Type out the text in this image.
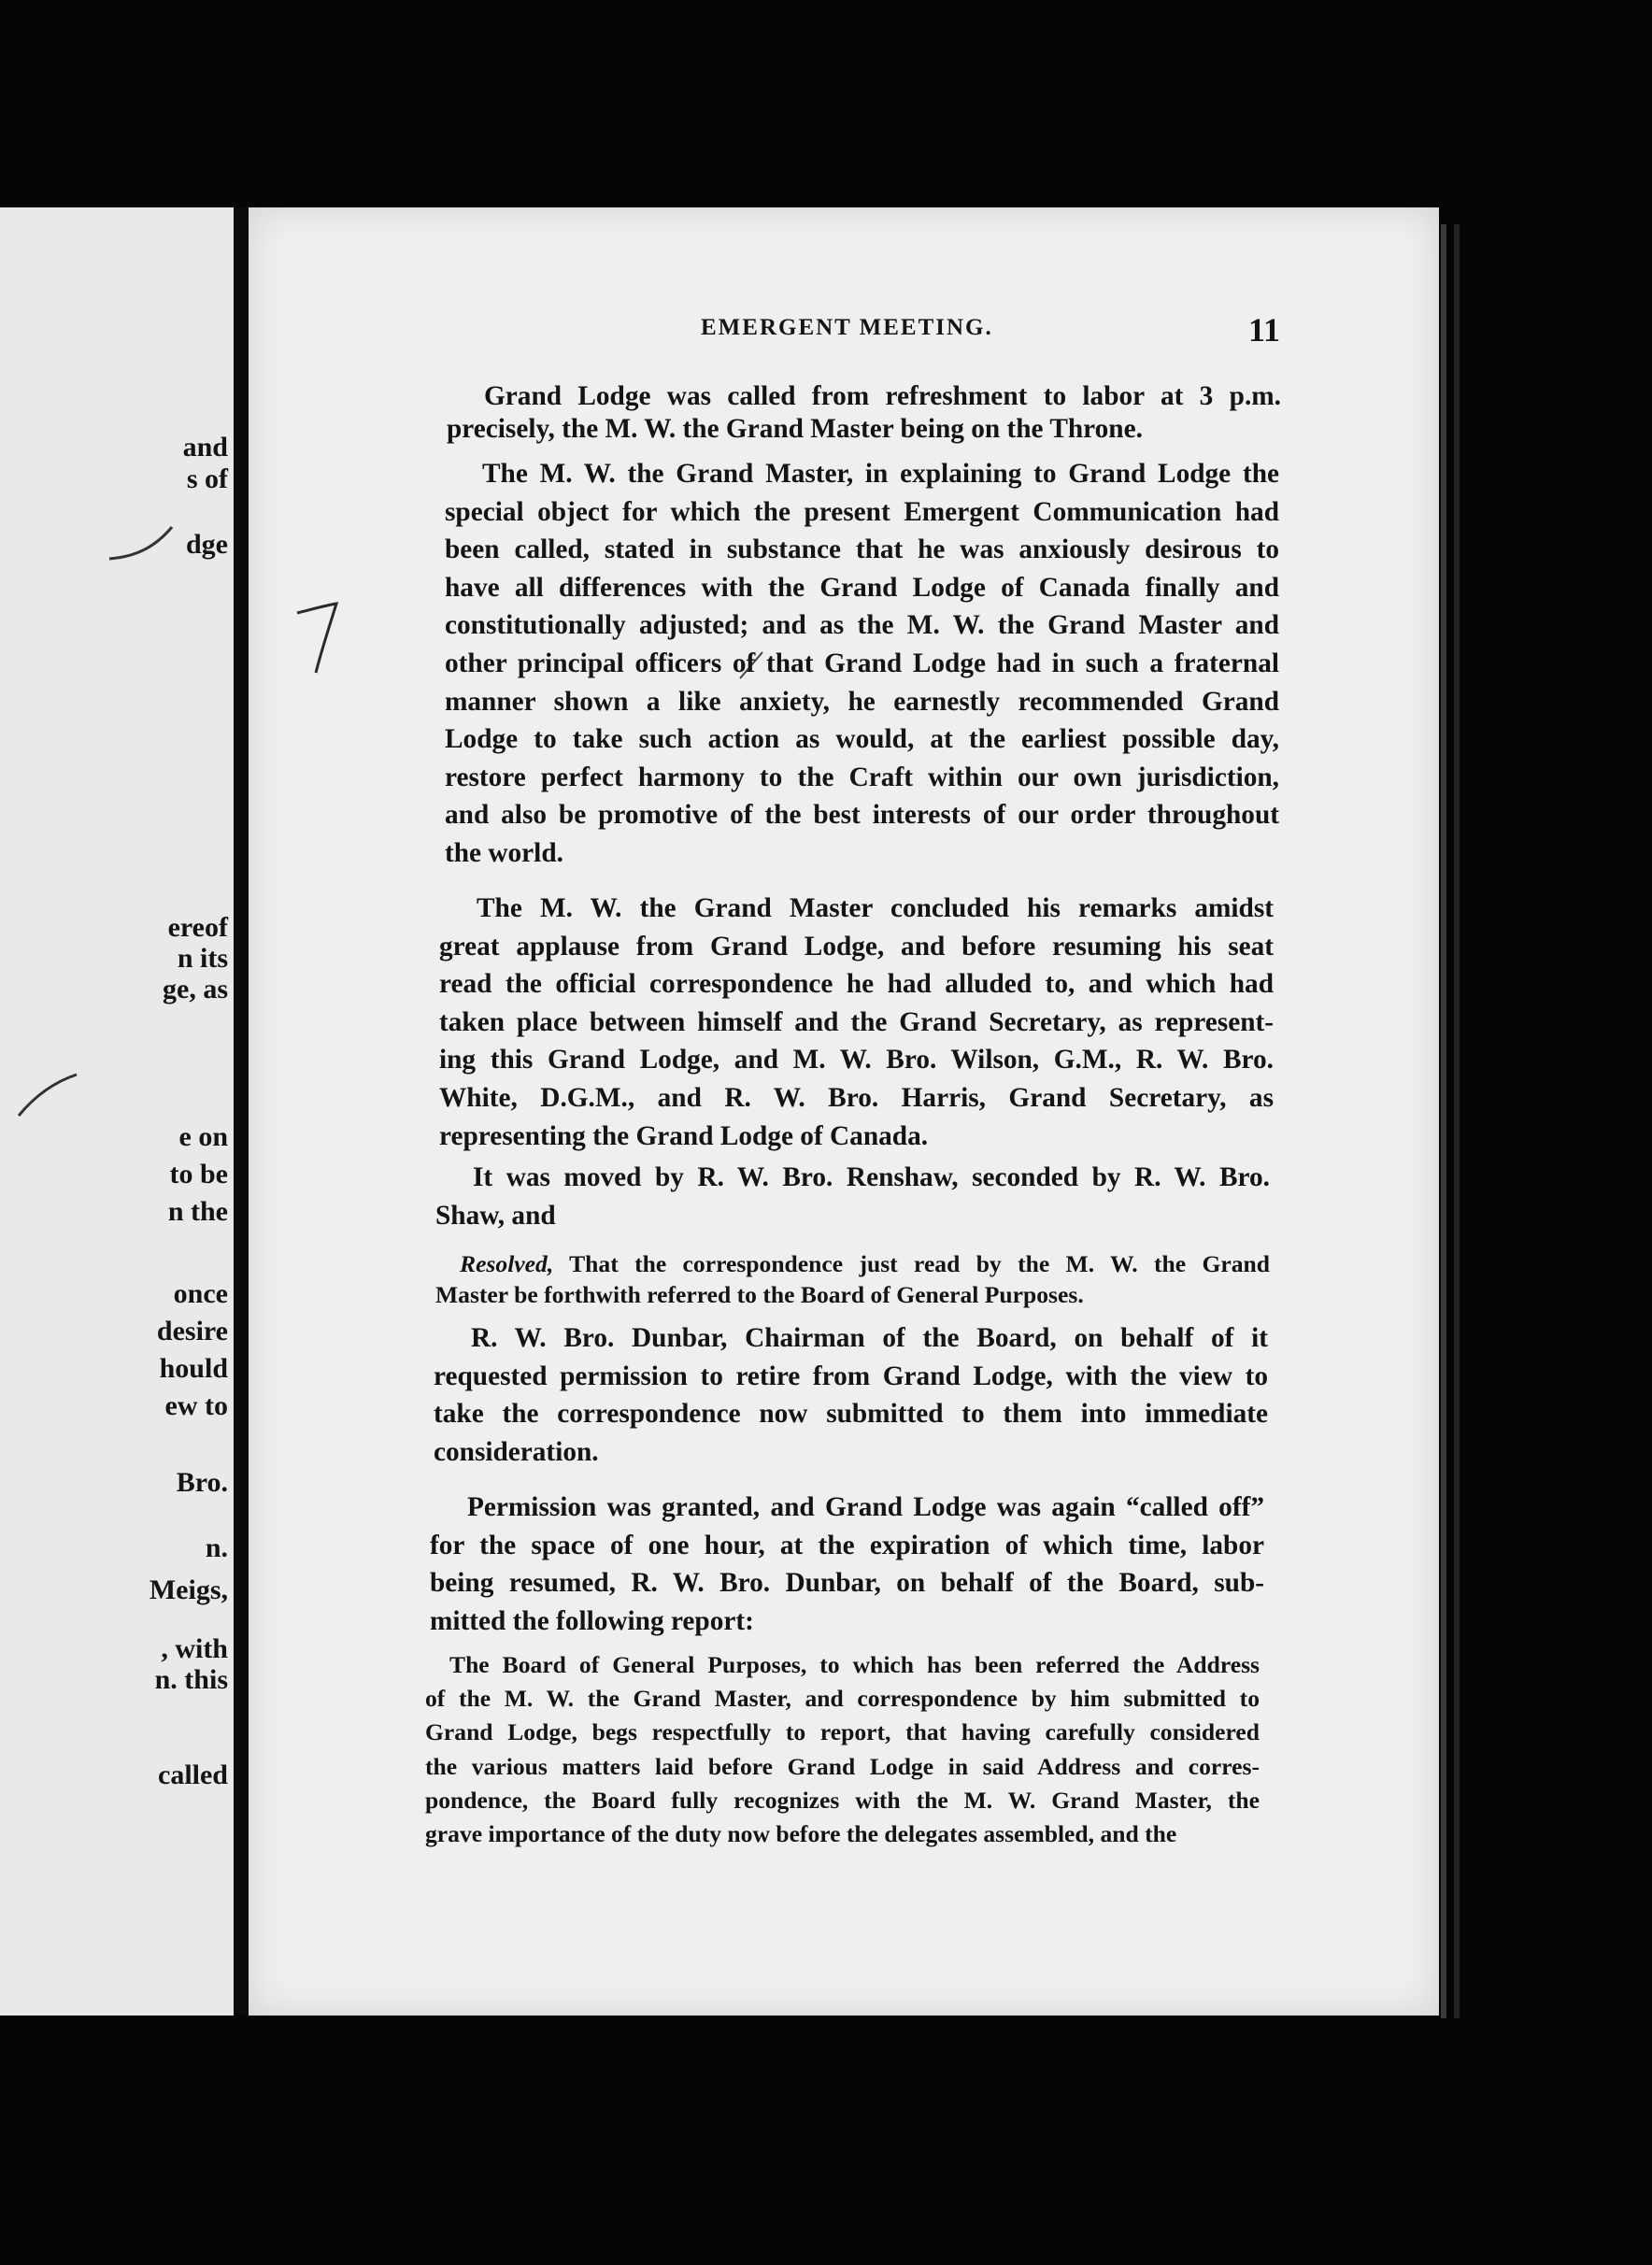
and
s of
dge
ereof
n its
ge, as
e on
to be
n the
once
desire
hould
ew to
Bro.
n.
Meigs,
, with
n. this
called
EMERGENT MEETING.	11
Grand Lodge was called from refreshment to labor at 3 p.m.
precisely, the M. W. the Grand Master being on the Throne.
The M. W. the Grand Master, in explaining to Grand Lodge the
special object for which the present Emergent Communication had
been called, stated in substance that he was anxiously desirous to
have all differences with the Grand Lodge of Canada finally and
constitutionally adjusted; and as the M. W. the Grand Master and
other principal officers of that Grand Lodge had in such a fraternal
manner shown a like anxiety, he earnestly recommended Grand
Lodge to take such action as would, at the earliest possible day,
restore perfect harmony to the Craft within our own jurisdiction,
and also be promotive of the best interests of our order throughout
the world.
The M. W. the Grand Master concluded his remarks amidst
great applause from Grand Lodge, and before resuming his seat
read the official correspondence he had alluded to, and which had
taken place between himself and the Grand Secretary, as represent-
ing this Grand Lodge, and M. W. Bro. Wilson, G.M., R. W. Bro.
White, D.G.M., and R. W. Bro. Harris, Grand Secretary, as
representing the Grand Lodge of Canada.
It was moved by R. W. Bro. Renshaw, seconded by R. W. Bro.
Shaw, and
Resolved, That the correspondence just read by the M. W. the Grand
Master be forthwith referred to the Board of General Purposes.
R. W. Bro. Dunbar, Chairman of the Board, on behalf of it
requested permission to retire from Grand Lodge, with the view to
take the correspondence now submitted to them into immediate
consideration.
Permission was granted, and Grand Lodge was again “called off”
for the space of one hour, at the expiration of which time, labor
being resumed, R. W. Bro. Dunbar, on behalf of the Board, sub-
mitted the following report:
The Board of General Purposes, to which has been referred the Address
of the M. W. the Grand Master, and correspondence by him submitted to
Grand Lodge, begs respectfully to report, that having carefully considered
the various matters laid before Grand Lodge in said Address and corres-
pondence, the Board fully recognizes with the M. W. Grand Master, the
grave importance of the duty now before the delegates assembled, and the
